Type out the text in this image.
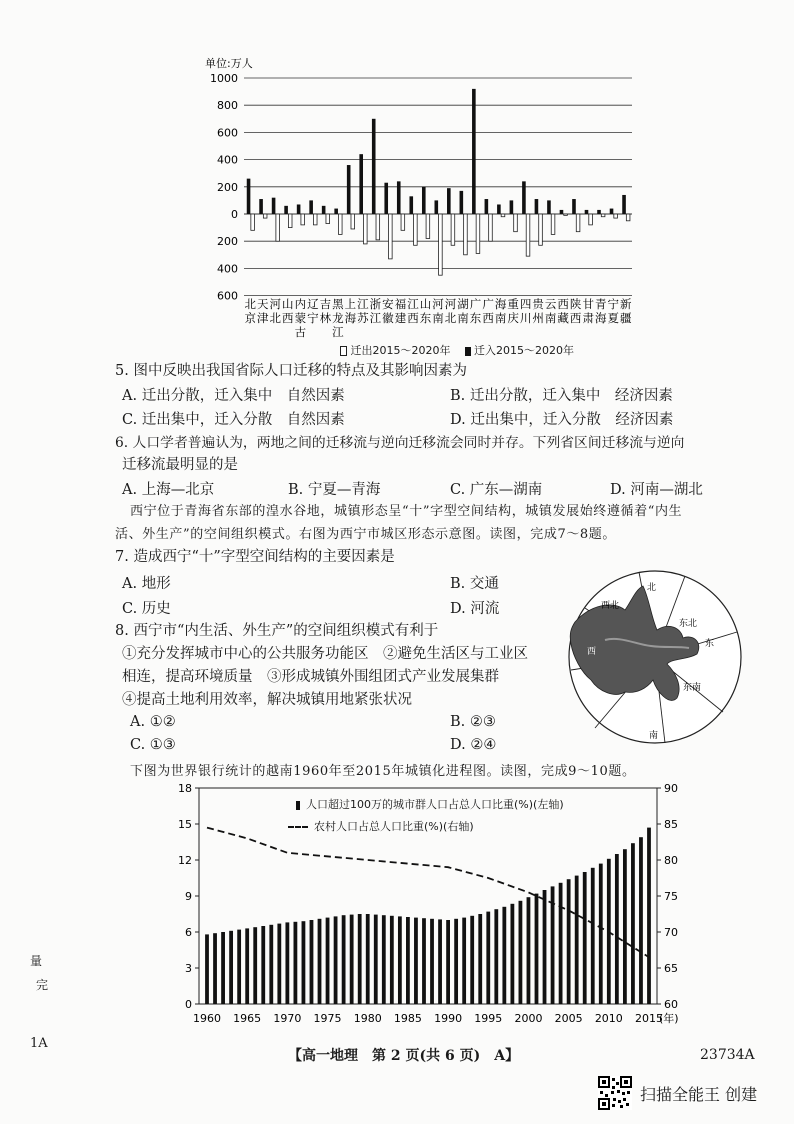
单位:万人
1000
800
600
400
200
0
200
400
600
北
京
天
津
河
北
山
西
内
蒙
古
辽
宁
吉
林
黑
龙
江
上
海
江
苏
浙
江
安
徽
福
建
江
西
山
东
河
南
河
北
湖
南
广
东
广
西
海
南
重
庆
四
川
贵
州
云
南
西
藏
陕
西
甘
肃
青
海
宁
夏
新
疆
迁出2015～2020年 迁入2015～2020年
5. 图中反映出我国省际人口迁移的特点及其影响因素为
A. 迁出分散，迁入集中　自然因素	B. 迁出分散，迁入集中　经济因素
C. 迁出集中，迁入分散　自然因素	D. 迁出集中，迁入分散　经济因素
6. 人口学者普遍认为，两地之间的迁移流与逆向迁移流会同时并存。下列省区间迁移流与逆向
迁移流最明显的是
A. 上海—北京	B. 宁夏—青海	C. 广东—湖南	D. 河南—湖北
西宁位于青海省东部的湟水谷地，城镇形态呈“十”字型空间结构，城镇发展始终遵循着“内生
活、外生产”的空间组织模式。右图为西宁市城区形态示意图。读图，完成7～8题。
7. 造成西宁“十”字型空间结构的主要因素是
A. 地形	B. 交通
C. 历史	D. 河流
北
东北
东
东南
南
西
西北
8. 西宁市“内生活、外生产”的空间组织模式有利于
①充分发挥城市中心的公共服务功能区　②避免生活区与工业区
相连，提高环境质量　③形成城镇外围组团式产业发展集群
④提高土地利用效率，解决城镇用地紧张状况
A. ①②	B. ②③
C. ①③	D. ②④
下图为世界银行统计的越南1960年至2015年城镇化进程图。读图，完成9～10题。
18
15
12
9
6
3
0
90
85
80
75
70
65
60
1960 1965 1970 1975 1980 1985 1990 1995 2000 2005 2010 2015
(年)
人口超过100万的城市群人口占总人口比重(%)(左轴)
农村人口占总人口比重(%)(右轴)
量
完
1A
【高一地理　第 2 页(共 6 页)　A】	23734A
扫描全能王 创建
